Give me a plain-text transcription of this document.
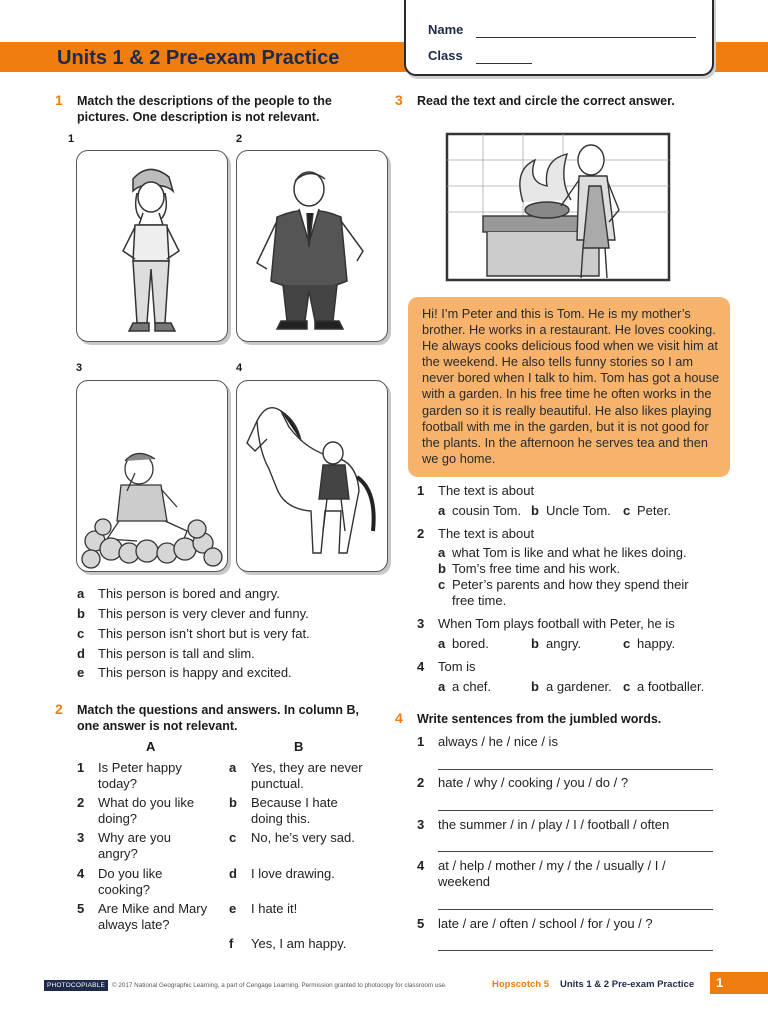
Units 1 & 2 Pre-exam Practice
Name
Class
1 Match the descriptions of the people to the pictures. One description is not relevant.
1	2
3	4
a This person is bored and angry.
b This person is very clever and funny.
c This person isn’t short but is very fat.
d This person is tall and slim.
e This person is happy and excited.
2 Match the questions and answers. In column B, one answer is not relevant.
A	B
1 Is Peter happy today?
2 What do you like doing?
3 Why are you angry?
4 Do you like cooking?
5 Are Mike and Mary always late?
a Yes, they are never punctual.
b Because I hate doing this.
c No, he’s very sad.
d I love drawing.
e I hate it!
f Yes, I am happy.
3 Read the text and circle the correct answer.
Hi! I’m Peter and this is Tom. He is my mother’s brother. He works in a restaurant. He loves cooking. He always cooks delicious food when we visit him at the weekend. He also tells funny stories so I am never bored when I talk to him. Tom has got a house with a garden. In his free time he often works in the garden so it is really beautiful. He also likes playing football with me in the garden, but it is not good for the plants. In the afternoon he serves tea and then we go home.
1 The text is about
a cousin Tom. b Uncle Tom. c Peter.
2 The text is about
a what Tom is like and what he likes doing.
b Tom’s free time and his work.
c Peter’s parents and how they spend their free time.
3 When Tom plays football with Peter, he is
a bored.	b angry.	c happy.
4 Tom is
a a chef.	b a gardener. c a footballer.
4 Write sentences from the jumbled words.
1 always / he / nice / is
2 hate / why / cooking / you / do / ?
3 the summer / in / play / I / football / often
4 at / help / mother / my / the / usually / I / weekend
5 late / are / often / school / for / you / ?
PHOTOCOPIABLE	© 2017 National Geographic Learning, a part of Cengage Learning. Permission granted to photocopy for classroom use.	Hopscotch 5 Units 1 & 2 Pre-exam Practice	1
